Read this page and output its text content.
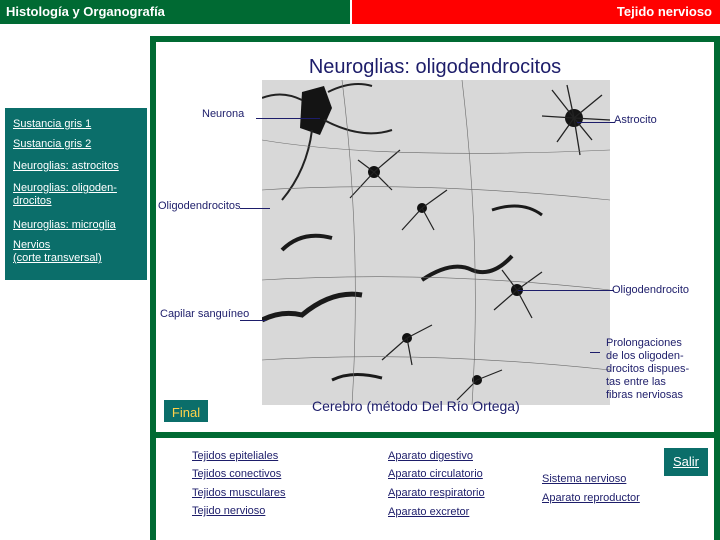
Histología y Organografía	Tejido nervioso
Sustancia gris 1
Sustancia gris 2
Neuroglias: astrocitos
Neuroglias: oligoden-
drocitos
Neuroglias: microglia
Nervios
(corte transversal)
Neuroglias: oligodendrocitos
Neurona	Astrocito
Oligodendrocitos
Oligodendrocito
Capilar sanguíneo
Prolongaciones
de los oligoden-
drocitos dispues-
tas entre las
fibras nerviosas
Cerebro (método Del Río Ortega)
Final
Salir
Tejidos epiteliales
Tejidos conectivos
Tejidos musculares
Tejido nervioso
Aparato digestivo
Aparato circulatorio
Aparato respiratorio
Aparato excretor
Sistema nervioso
Aparato reproductor
